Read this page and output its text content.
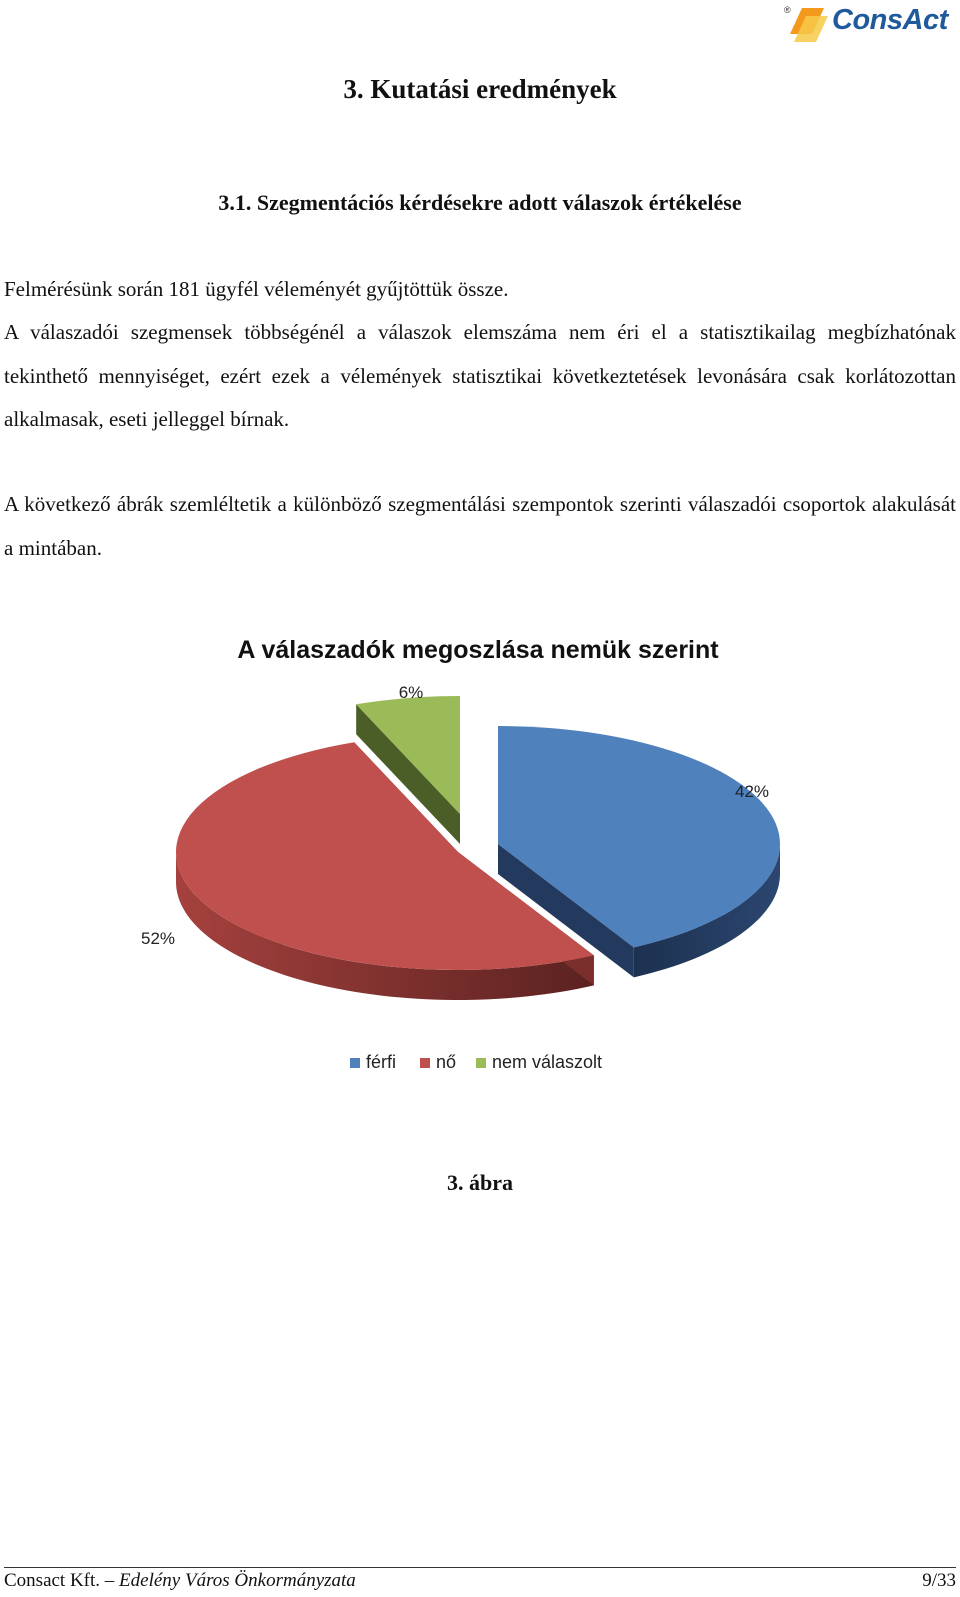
® ConsAct
3. Kutatási eredmények
3.1. Szegmentációs kérdésekre adott válaszok értékelése
Felmérésünk során 181 ügyfél véleményét gyűjtöttük össze.
A válaszadói szegmensek többségénél a válaszok elemszáma nem éri el a statisztikailag megbízhatónak tekinthető mennyiséget, ezért ezek a vélemények statisztikai következtetések levonására csak korlátozottan alkalmasak, eseti jelleggel bírnak.
A következő ábrák szemléltetik a különböző szegmentálási szempontok szerinti válaszadói csoportok alakulását a mintában.
A válaszadók megoszlása nemük szerint
42%
52%
6%
férfi nő nem válaszolt
3. ábra
Consact Kft. – Edelény Város Önkormányzata	9/33
